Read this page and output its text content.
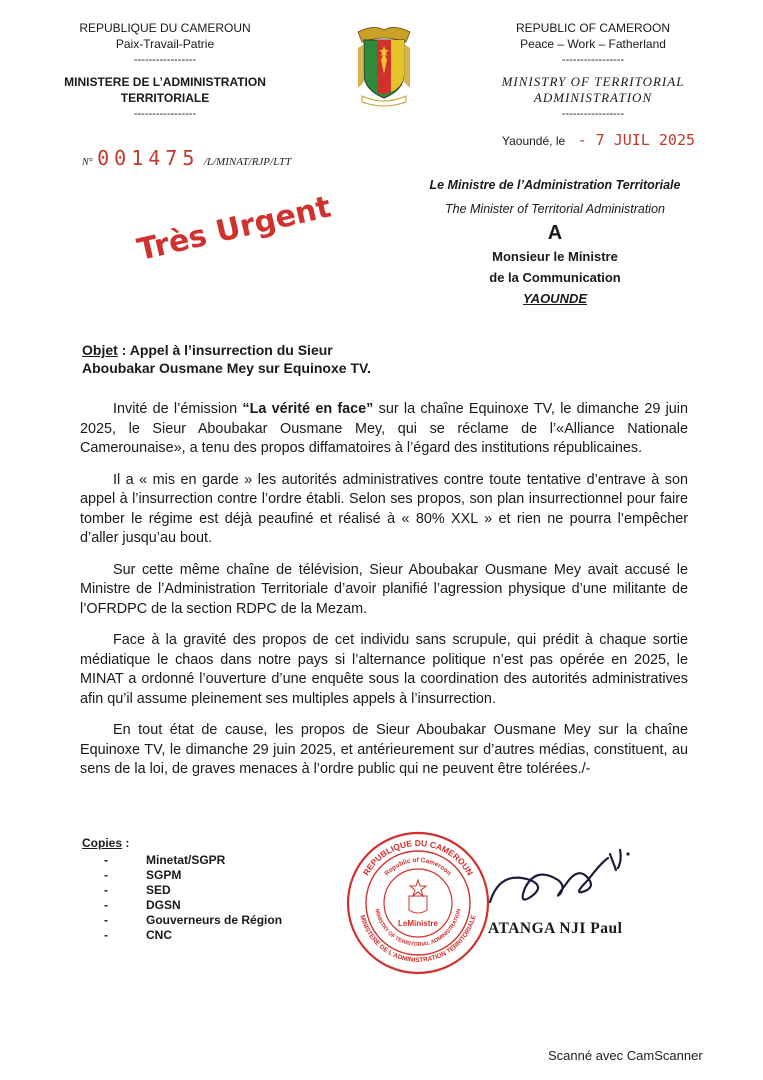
REPUBLIQUE DU CAMEROUN
Paix-Travail-Patrie
-----------------
MINISTERE DE L’ADMINISTRATION
TERRITORIALE
-----------------
REPUBLIC OF CAMEROON
Peace – Work – Fatherland
-----------------
MINISTRY OF TERRITORIAL
ADMINISTRATION
-----------------
Yaoundé, le - 7 JUIL 2025
N° 001475 /L/MINAT/RJP/LTT
Très Urgent
Le Ministre de l’Administration Territoriale
The Minister of Territorial Administration
A
Monsieur le Ministre
de la Communication
YAOUNDE
Objet : Appel à l’insurrection du Sieur
Aboubakar Ousmane Mey sur Equinoxe TV.

Invité de l’émission “La vérité en face” sur la chaîne Equinoxe TV, le dimanche 29 juin 2025, le Sieur Aboubakar Ousmane Mey, qui se réclame de l’«Alliance Nationale Camerounaise», a tenu des propos diffamatoires à l’égard des institutions républicaines.

Il a « mis en garde » les autorités administratives contre toute tentative d’entrave à son appel à l’insurrection contre l’ordre établi. Selon ses propos, son plan insurrectionnel pour faire tomber le régime est déjà peaufiné et réalisé à « 80% XXL » et rien ne pourra l’empêcher d’aller jusqu’au bout.

Sur cette même chaîne de télévision, Sieur Aboubakar Ousmane Mey avait accusé le Ministre de l’Administration Territoriale d’avoir planifié l’agression physique d’une militante de l’OFRDPC de la section RDPC de la Mezam.

Face à la gravité des propos de cet individu sans scrupule, qui prédit à chaque sortie médiatique le chaos dans notre pays si l’alternance politique n’est pas opérée en 2025, le MINAT a ordonné l’ouverture d’une enquête sous la coordination des autorités administratives afin qu’il assume pleinement ses multiples appels à l’insurrection.

En tout état de cause, les propos de Sieur Aboubakar Ousmane Mey sur la chaîne Equinoxe TV, le dimanche 29 juin 2025, et antérieurement sur d’autres médias, constituent, au sens de la loi, de graves menaces à l’ordre public qui ne peuvent être tolérées./-

Copies :
-	Minetat/SGPR
-	SGPM
-	SED
-	DGSN
-	Gouverneurs de Région
-	CNC
REPUBLIQUE DU CAMEROUN
MINISTERE DE L'ADMINISTRATION TERRITORIALE
Republic of Cameroon
MINISTRY OF TERRITORIAL ADMINISTRATION
LeMinistre	ATANGA NJI Paul
Scanné avec CamScanner
